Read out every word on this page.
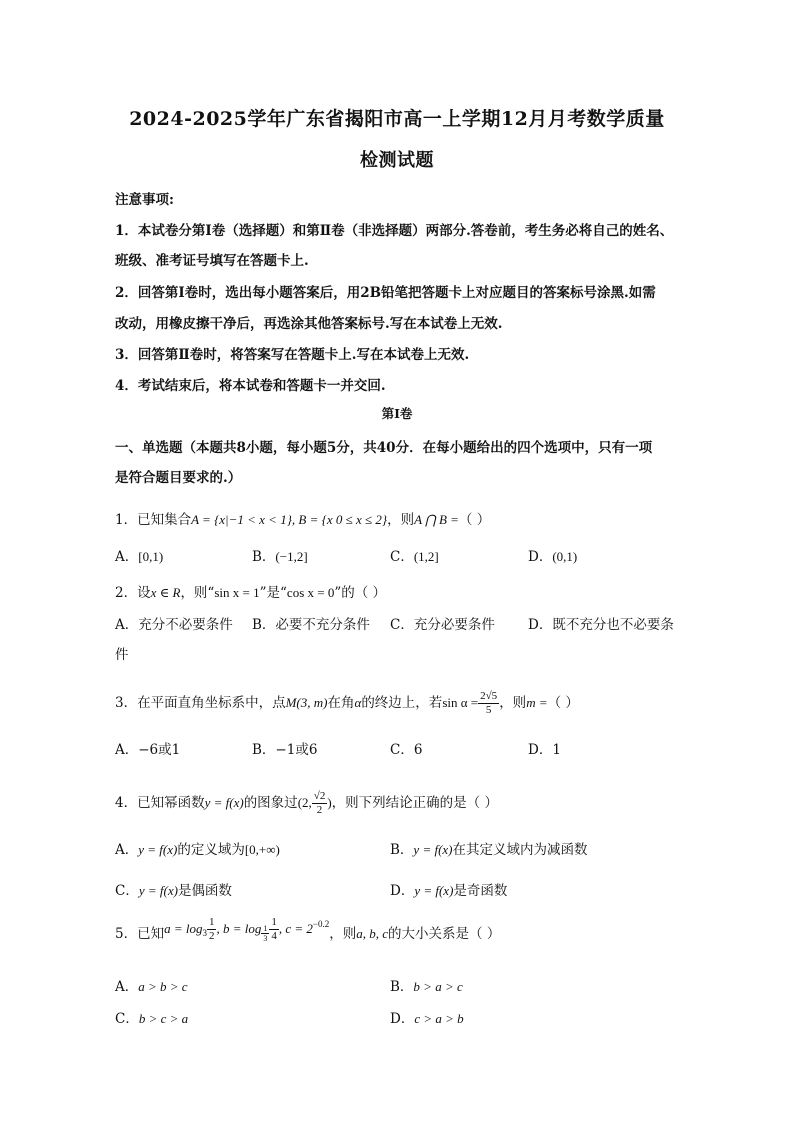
2024-2025学年广东省揭阳市高一上学期12月月考数学质量
检测试题
注意事项:
1．本试卷分第Ⅰ卷（选择题）和第Ⅱ卷（非选择题）两部分.答卷前，考生务必将自己的姓名、
班级、准考证号填写在答题卡上.
2．回答第Ⅰ卷时，选出每小题答案后，用2B铅笔把答题卡上对应题目的答案标号涂黑.如需
改动，用橡皮擦干净后，再选涂其他答案标号.写在本试卷上无效.
3．回答第Ⅱ卷时，将答案写在答题卡上.写在本试卷上无效.
4．考试结束后，将本试卷和答题卡一并交回.
第Ⅰ卷
一、单选题（本题共8小题，每小题5分，共40分．在每小题给出的四个选项中，只有一项
是符合题目要求的.）
1．已知集合A = {x|−1 < x < 1}, B = {x 0 ≤ x ≤ 2}，则A ⋂ B =（ ）
A．[0,1)	B．(−1,2]	C．(1,2]	D．(0,1)
2．设x ∈ R，则“sin x = 1”是“cos x = 0”的（ ）
A．充分不必要条件 B．必要不充分条件 C．充分必要条件 D．既不充分也不必要条
件
3．在平面直角坐标系中，点M(3, m)在角α的终边上，若$\sin \alpha = \frac{2√5}{5}$ ，则m =（ ）
A．−6或1	B．−1或6	C．6	D．1
4．已知幂函数y = f(x)的图象过(2, $\frac{√2}{2}$ )，则下列结论正确的是（ ）
A．y = f(x)的定义域为[0,+∞)	B．y = f(x)在其定义域内为减函数
C．y = f(x)是偶函数	D．y = f(x)是奇函数
5．已知$a = \log_3 \frac{1}{2}$ , $b = \log \frac{1}{3} \frac{1}{4}$ , $c = 2^{-0.2}$，则a, b, c的大小关系是（ ）
A．a > b > c	B．b > a > c
C．b > c > a	D．c > a > b
